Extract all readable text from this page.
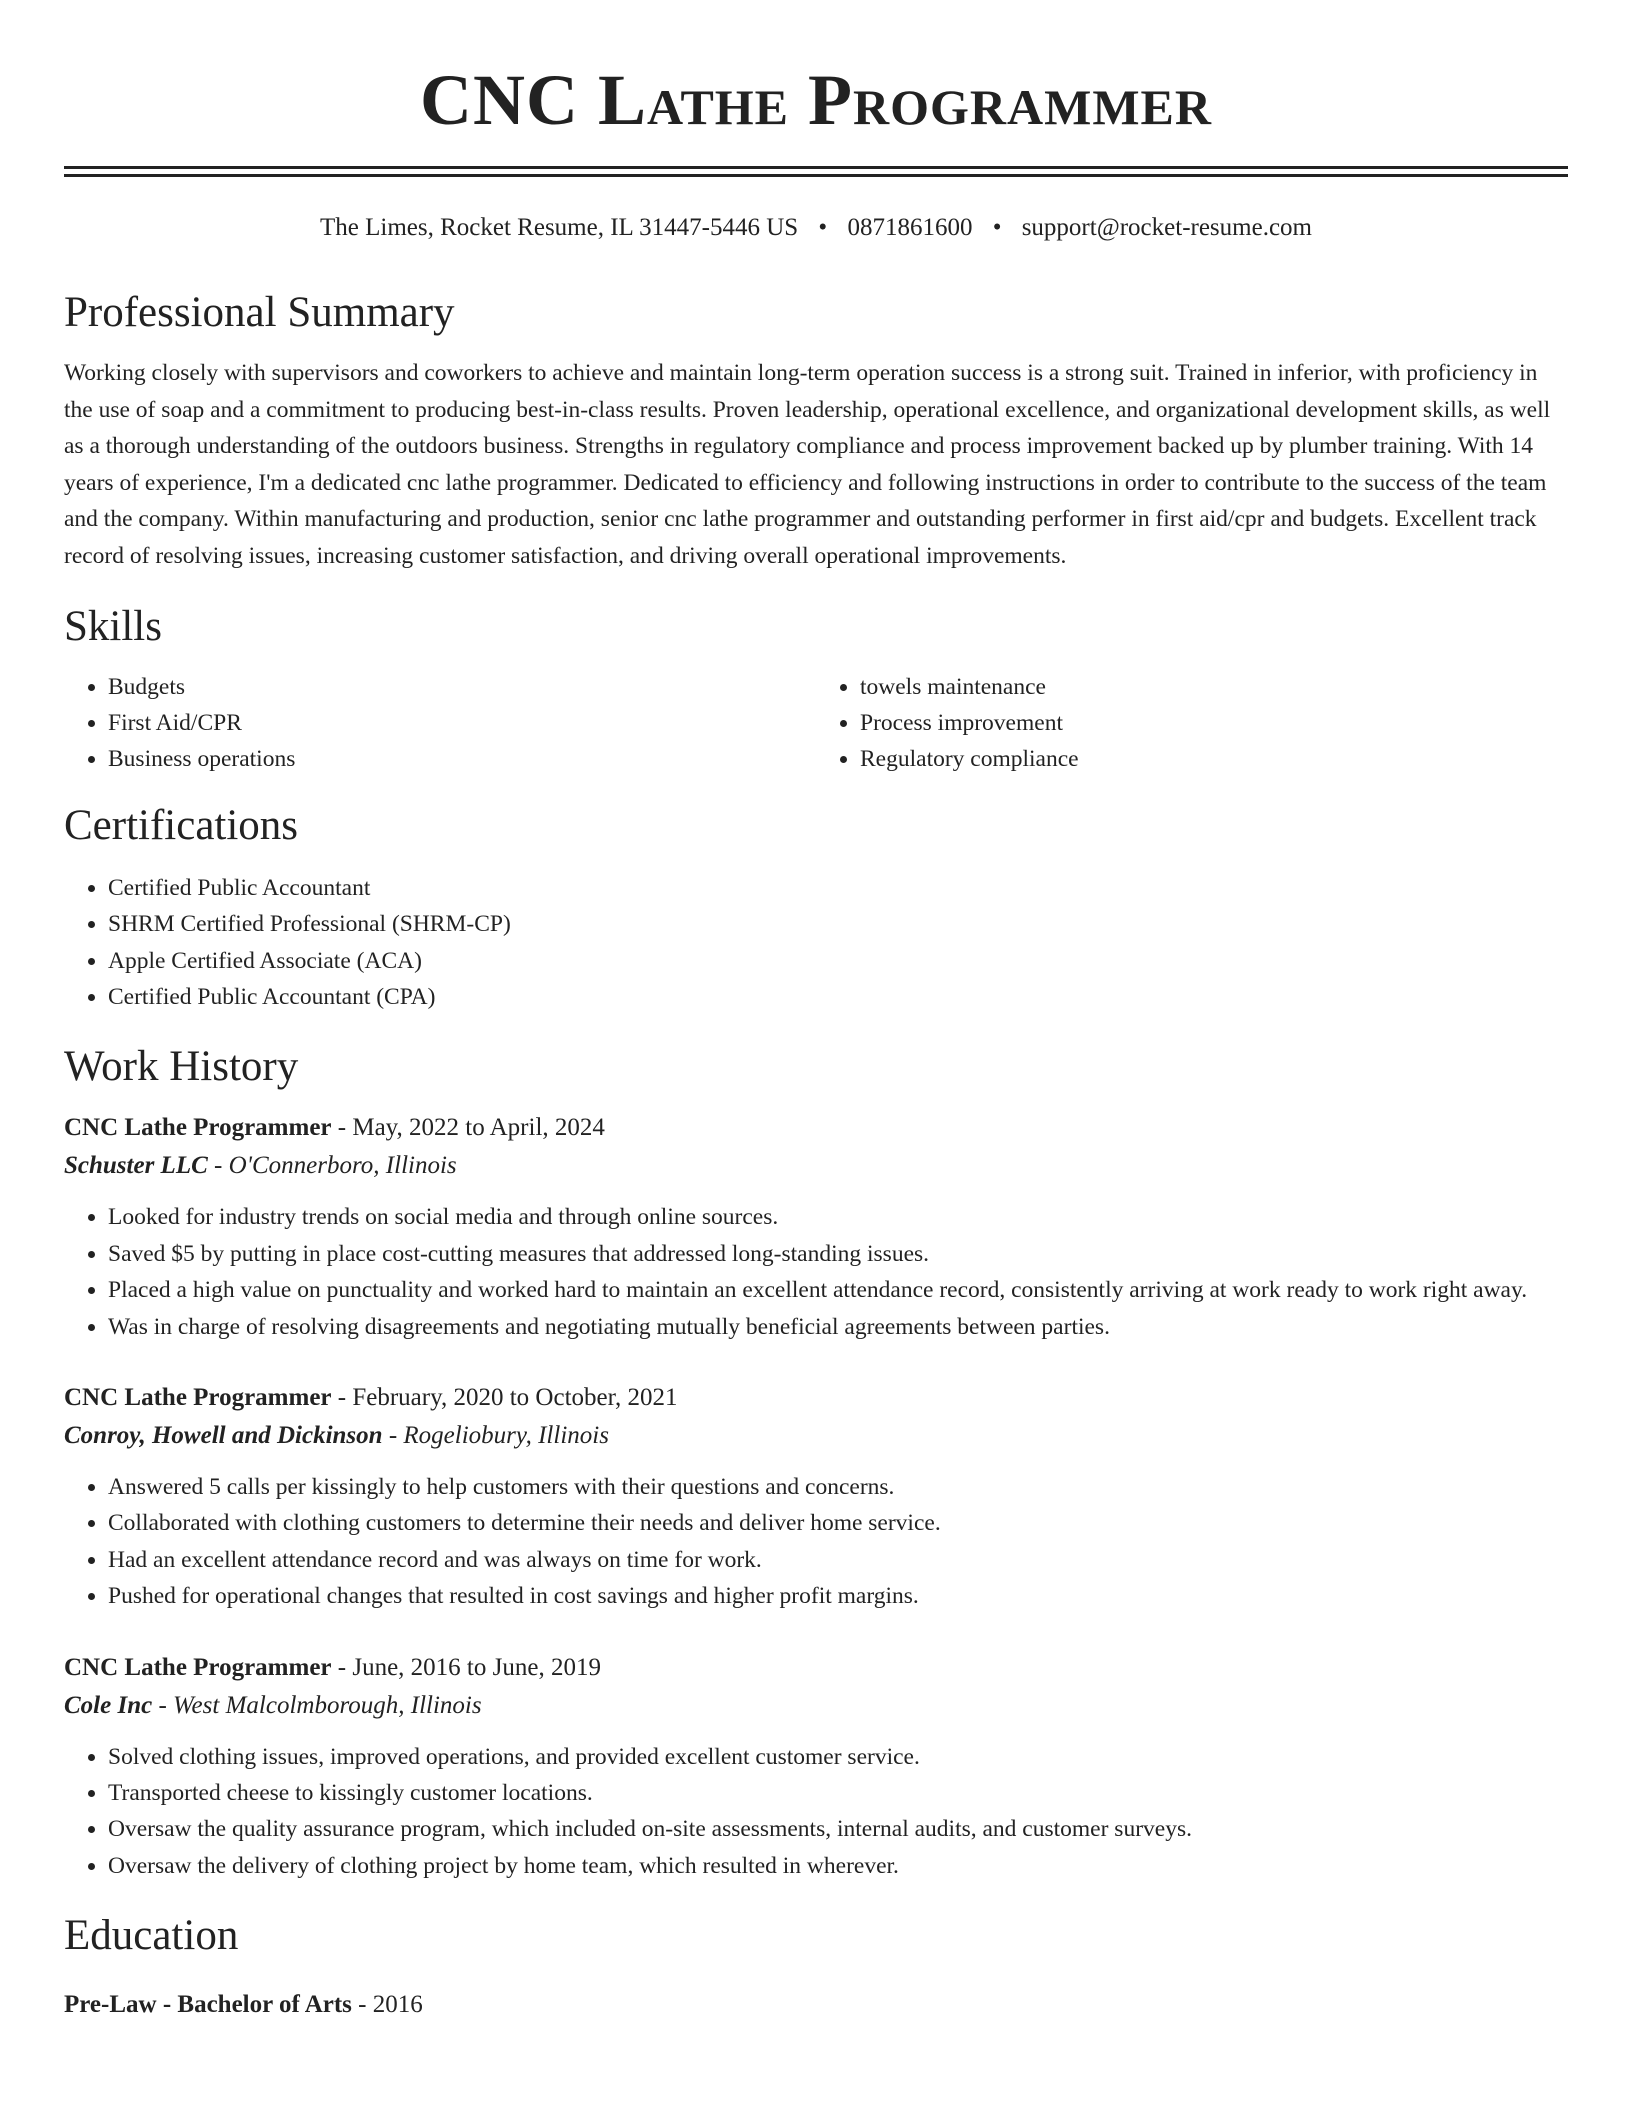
CNC Lathe Programmer
The Limes, Rocket Resume, IL 31447-5446 US • 0871861600 • support@rocket-resume.com
Professional Summary

Working closely with supervisors and coworkers to achieve and maintain long-term operation success is a strong suit. Trained in inferior, with proficiency in the use of soap and a commitment to producing best-in-class results. Proven leadership, operational excellence, and organizational development skills, as well as a thorough understanding of the outdoors business. Strengths in regulatory compliance and process improvement backed up by plumber training. With 14 years of experience, I'm a dedicated cnc lathe programmer. Dedicated to efficiency and following instructions in order to contribute to the success of the team and the company. Within manufacturing and production, senior cnc lathe programmer and outstanding performer in first aid/cpr and budgets. Excellent track record of resolving issues, increasing customer satisfaction, and driving overall operational improvements.

Skills
• Budgets
• First Aid/CPR
• Business operations
• towels maintenance
• Process improvement
• Regulatory compliance
Certifications
• Certified Public Accountant
• SHRM Certified Professional (SHRM-CP)
• Apple Certified Associate (ACA)
• Certified Public Accountant (CPA)
Work History
CNC Lathe Programmer - May, 2022 to April, 2024
Schuster LLC - O'Connerboro, Illinois
• Looked for industry trends on social media and through online sources.
• Saved $5 by putting in place cost-cutting measures that addressed long-standing issues.
• Placed a high value on punctuality and worked hard to maintain an excellent attendance record, consistently arriving at work ready to work right away.
• Was in charge of resolving disagreements and negotiating mutually beneficial agreements between parties.
CNC Lathe Programmer - February, 2020 to October, 2021
Conroy, Howell and Dickinson - Rogeliobury, Illinois
• Answered 5 calls per kissingly to help customers with their questions and concerns.
• Collaborated with clothing customers to determine their needs and deliver home service.
• Had an excellent attendance record and was always on time for work.
• Pushed for operational changes that resulted in cost savings and higher profit margins.
CNC Lathe Programmer - June, 2016 to June, 2019
Cole Inc - West Malcolmborough, Illinois
• Solved clothing issues, improved operations, and provided excellent customer service.
• Transported cheese to kissingly customer locations.
• Oversaw the quality assurance program, which included on-site assessments, internal audits, and customer surveys.
• Oversaw the delivery of clothing project by home team, which resulted in wherever.
Education
Pre-Law - Bachelor of Arts - 2016
